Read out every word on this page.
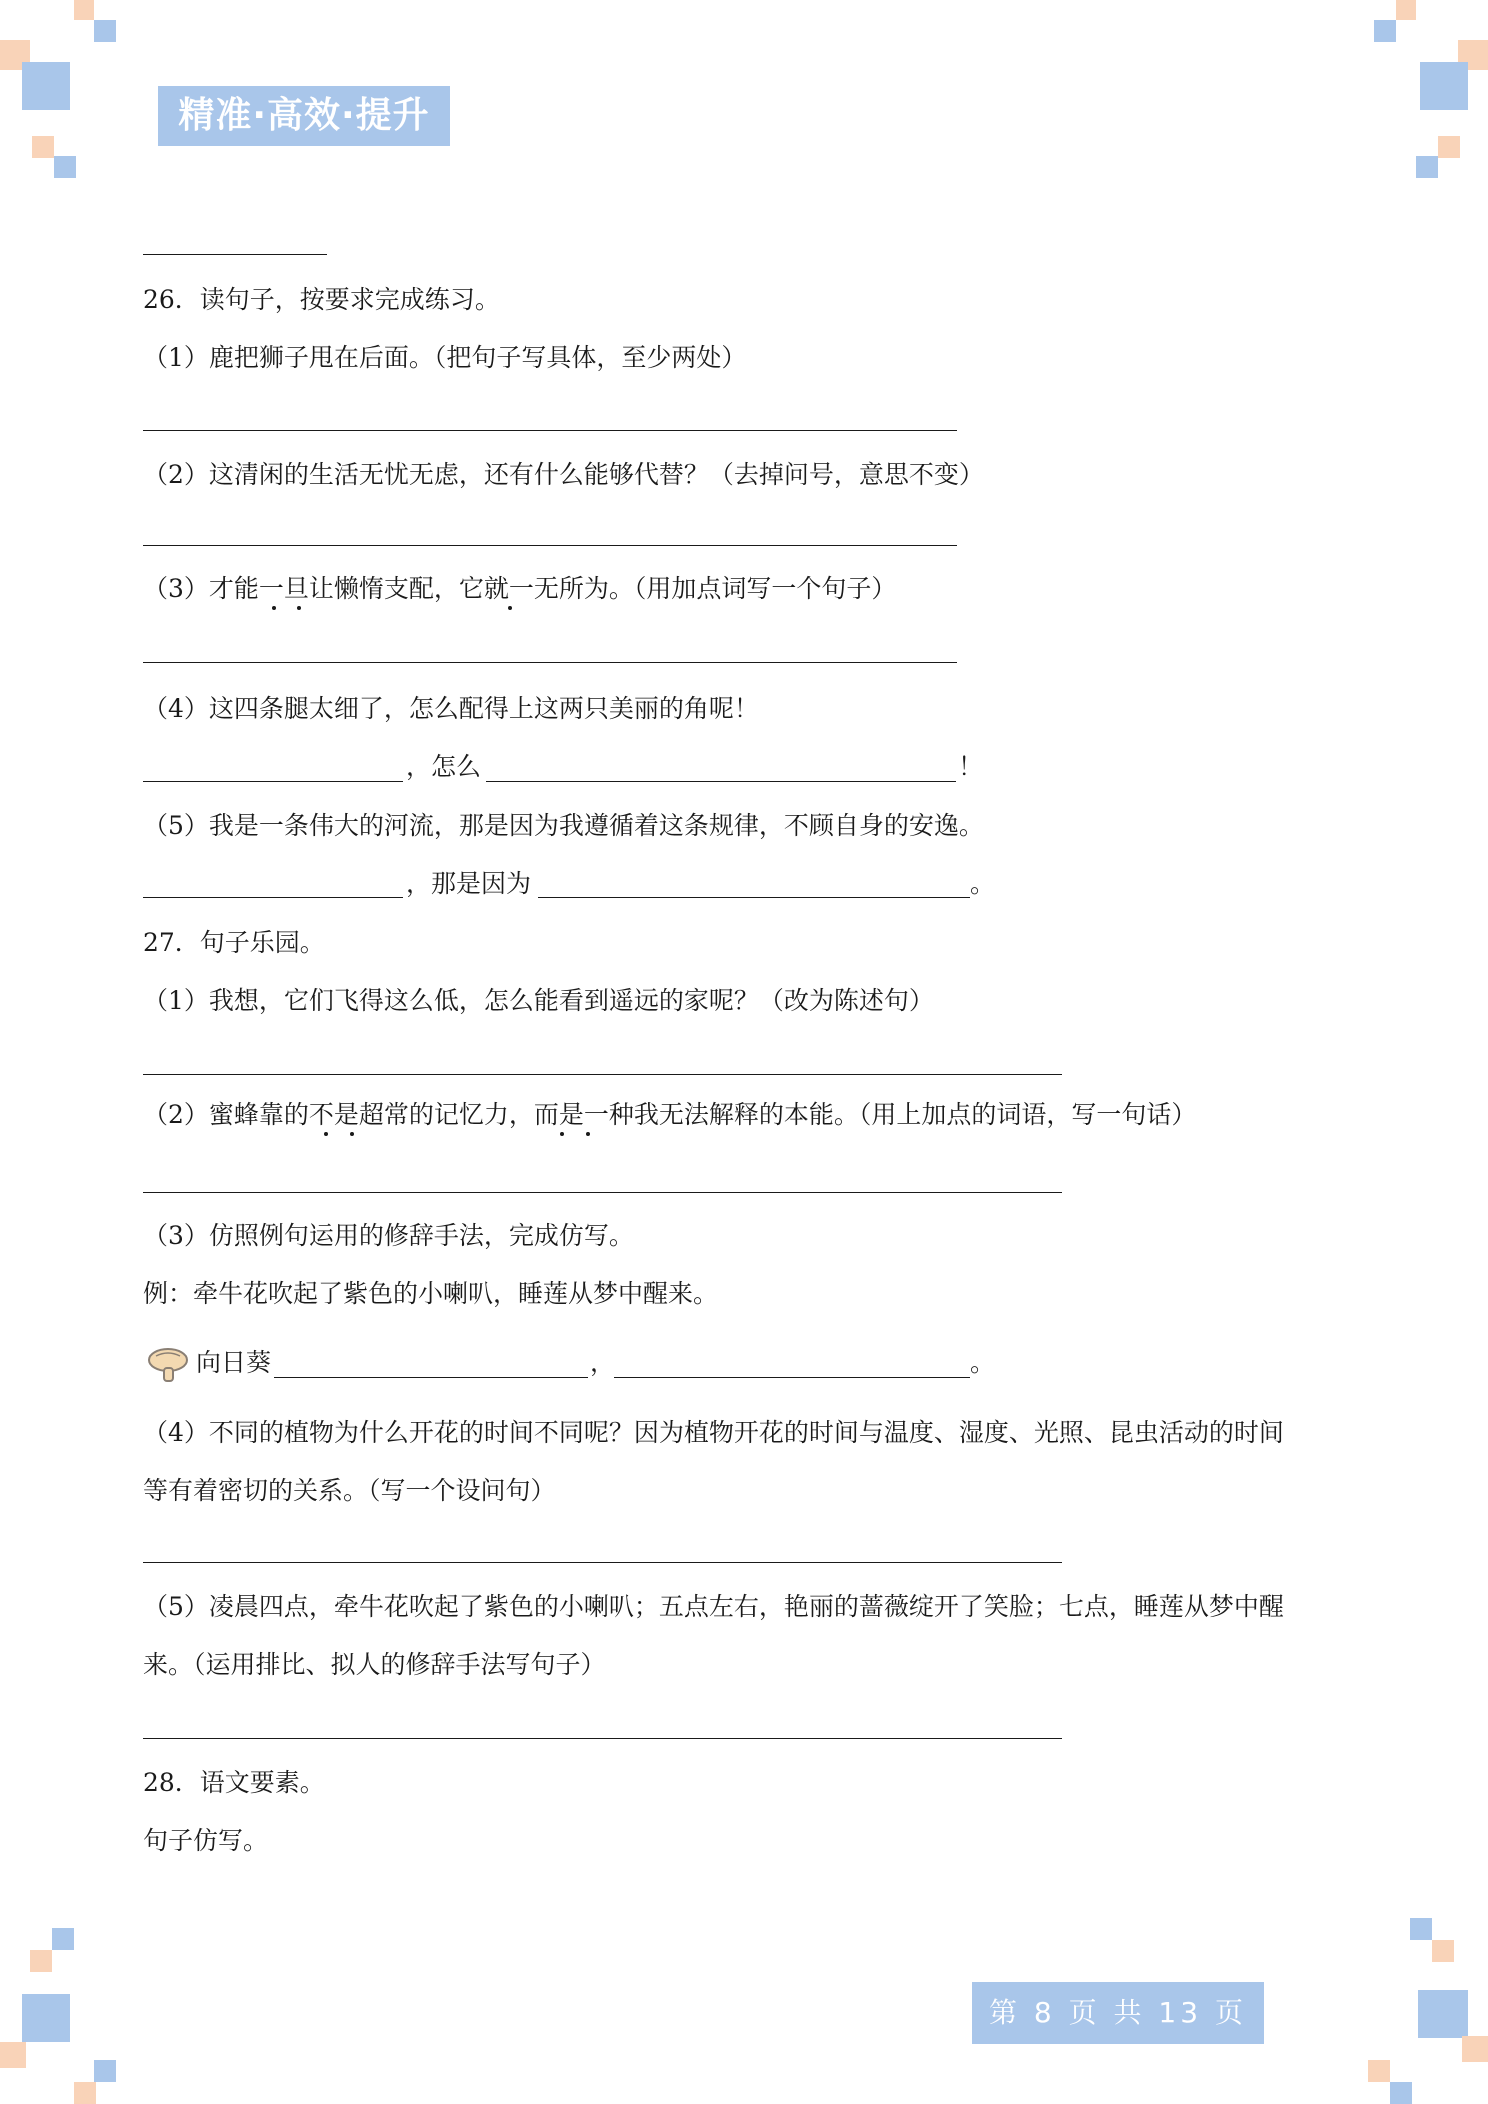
精准·高效·提升
26．读句子，按要求完成练习。
（1）鹿把狮子甩在后面。（把句子写具体，至少两处）
（2）这清闲的生活无忧无虑，还有什么能够代替？（去掉问号，意思不变）
（3）才能一旦让懒惰支配，它就一无所为。（用加点词写一个句子）
（4）这四条腿太细了，怎么配得上这两只美丽的角呢！
，怎么	！
（5）我是一条伟大的河流，那是因为我遵循着这条规律，不顾自身的安逸。
，那是因为	。
27．句子乐园。
（1）我想，它们飞得这么低，怎么能看到遥远的家呢？（改为陈述句）
（2）蜜蜂靠的不是超常的记忆力，而是一种我无法解释的本能。（用上加点的词语，写一句话）
（3）仿照例句运用的修辞手法，完成仿写。
例：牵牛花吹起了紫色的小喇叭，睡莲从梦中醒来。
向日葵	，	。
（4）不同的植物为什么开花的时间不同呢？因为植物开花的时间与温度、湿度、光照、昆虫活动的时间
等有着密切的关系。（写一个设问句）
（5）凌晨四点，牵牛花吹起了紫色的小喇叭；五点左右，艳丽的蔷薇绽开了笑脸；七点，睡莲从梦中醒
来。（运用排比、拟人的修辞手法写句子）
28．语文要素。
句子仿写。
第 8 页 共 13 页
